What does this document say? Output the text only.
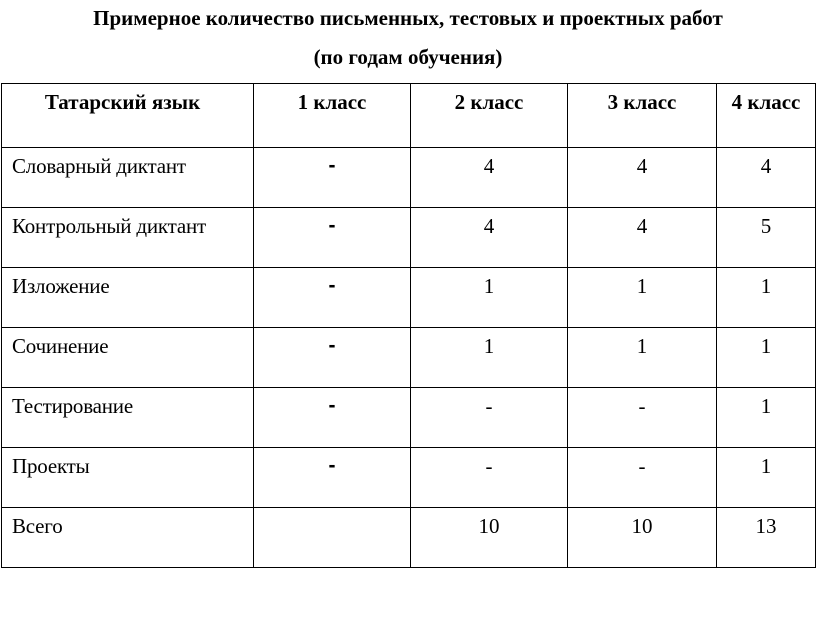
Примерное количество письменных, тестовых и проектных работ
(по годам обучения)
Татарский язык	1 класс	2 класс	3 класс	4 класс
Словарный диктант	-	4	4	4
Контрольный диктант	-	4	4	5
Изложение	-	1	1	1
Сочинение	-	1	1	1
Тестирование	-	-	-	1
Проекты	-	-	-	1
Всего		10	10	13
